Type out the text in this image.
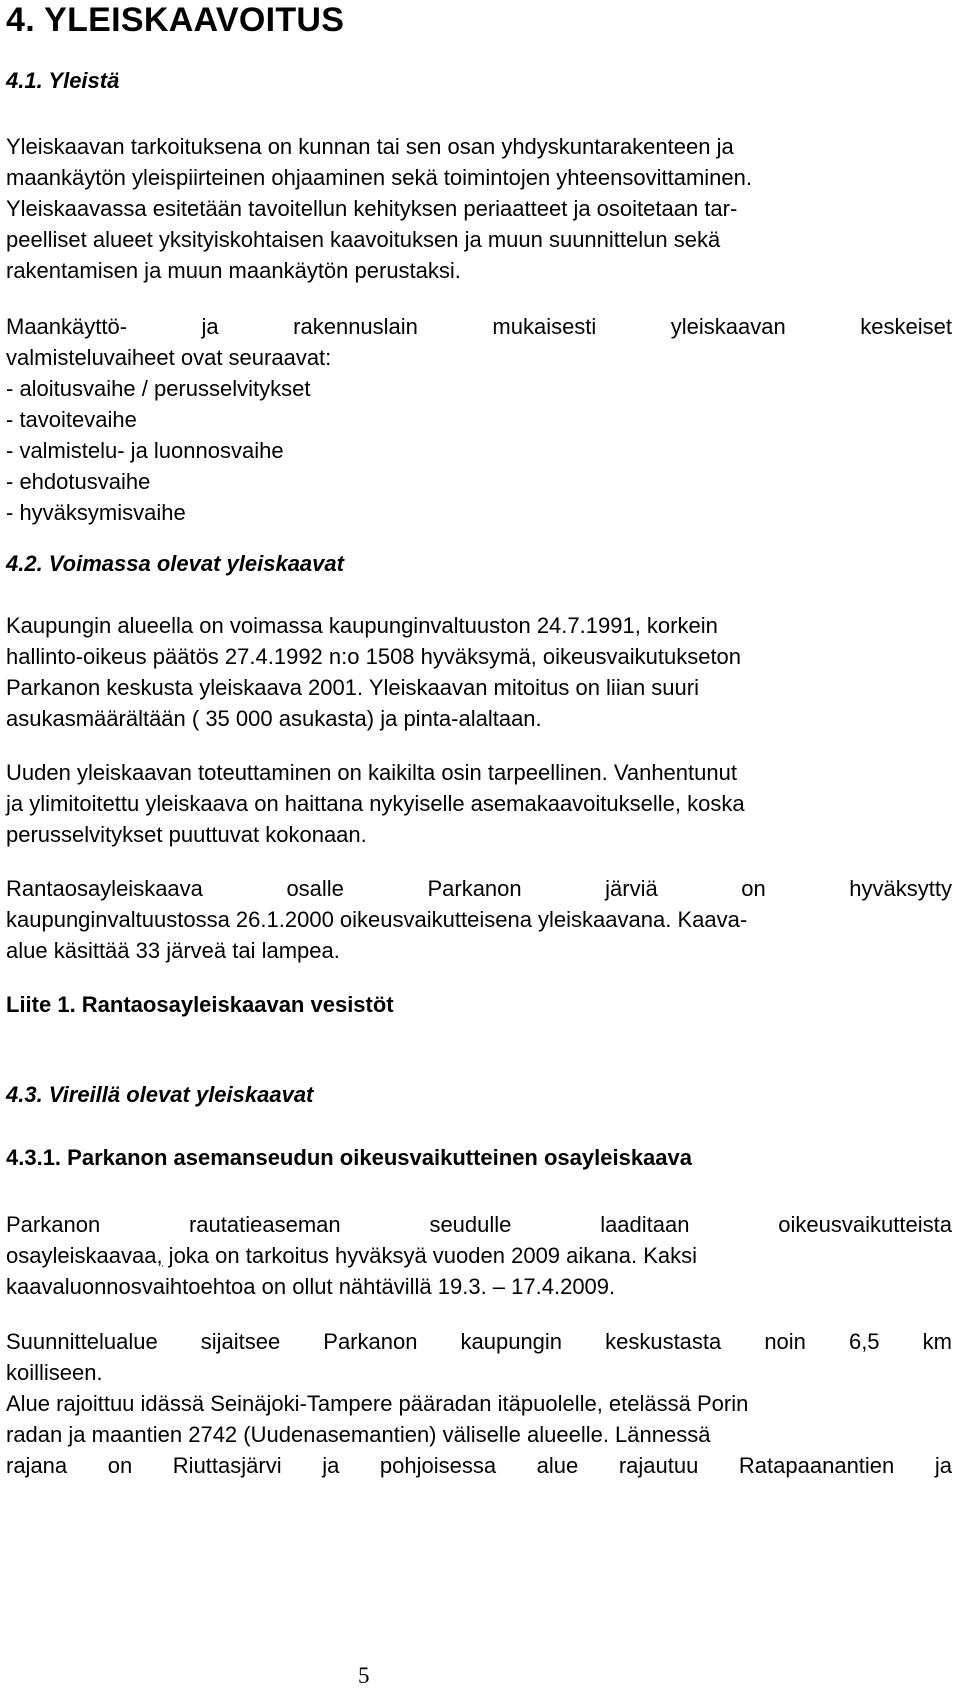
4. YLEISKAAVOITUS
4.1. Yleistä
Yleiskaavan tarkoituksena on kunnan tai sen osan yhdyskuntarakenteen ja
maankäytön yleispiirteinen ohjaaminen sekä toimintojen yhteensovittaminen.
Yleiskaavassa esitetään tavoitellun kehityksen periaatteet ja osoitetaan tar-
peelliset alueet yksityiskohtaisen kaavoituksen ja muun suunnittelun sekä
rakentamisen ja muun maankäytön perustaksi.
Maankäyttö-	ja	rakennuslain	mukaisesti	yleiskaavan	keskeiset
valmisteluvaiheet ovat seuraavat:
- aloitusvaihe / perusselvitykset
- tavoitevaihe
- valmistelu- ja luonnosvaihe
- ehdotusvaihe
- hyväksymisvaihe
4.2. Voimassa olevat yleiskaavat
Kaupungin alueella on voimassa kaupunginvaltuuston 24.7.1991, korkein
hallinto-oikeus päätös 27.4.1992 n:o 1508 hyväksymä, oikeusvaikutukseton
Parkanon keskusta yleiskaava 2001. Yleiskaavan mitoitus on liian suuri
asukasmäärältään ( 35 000 asukasta) ja pinta-alaltaan.
Uuden yleiskaavan toteuttaminen on kaikilta osin tarpeellinen. Vanhentunut
ja ylimitoitettu yleiskaava on haittana nykyiselle asemakaavoitukselle, koska
perusselvitykset puuttuvat kokonaan.
Rantaosayleiskaava	osalle	Parkanon	järviä	on	hyväksytty
kaupunginvaltuustossa 26.1.2000 oikeusvaikutteisena yleiskaavana. Kaava-
alue käsittää 33 järveä tai lampea.
Liite 1. Rantaosayleiskaavan vesistöt
4.3. Vireillä olevat yleiskaavat
4.3.1. Parkanon asemanseudun oikeusvaikutteinen osayleiskaava
Parkanon	rautatieaseman	seudulle	laaditaan	oikeusvaikutteista
osayleiskaavaa, joka on tarkoitus hyväksyä vuoden 2009 aikana. Kaksi
kaavaluonnosvaihtoehtoa on ollut nähtävillä 19.3. – 17.4.2009.
Suunnittelualue sijaitsee Parkanon kaupungin keskustasta noin 6,5 km
koilliseen.
Alue rajoittuu idässä Seinäjoki-Tampere pääradan itäpuolelle, etelässä Porin
radan ja maantien 2742 (Uudenasemantien) väliselle alueelle. Lännessä
rajana on Riuttasjärvi ja pohjoisessa alue rajautuu Ratapaanantien ja
5
